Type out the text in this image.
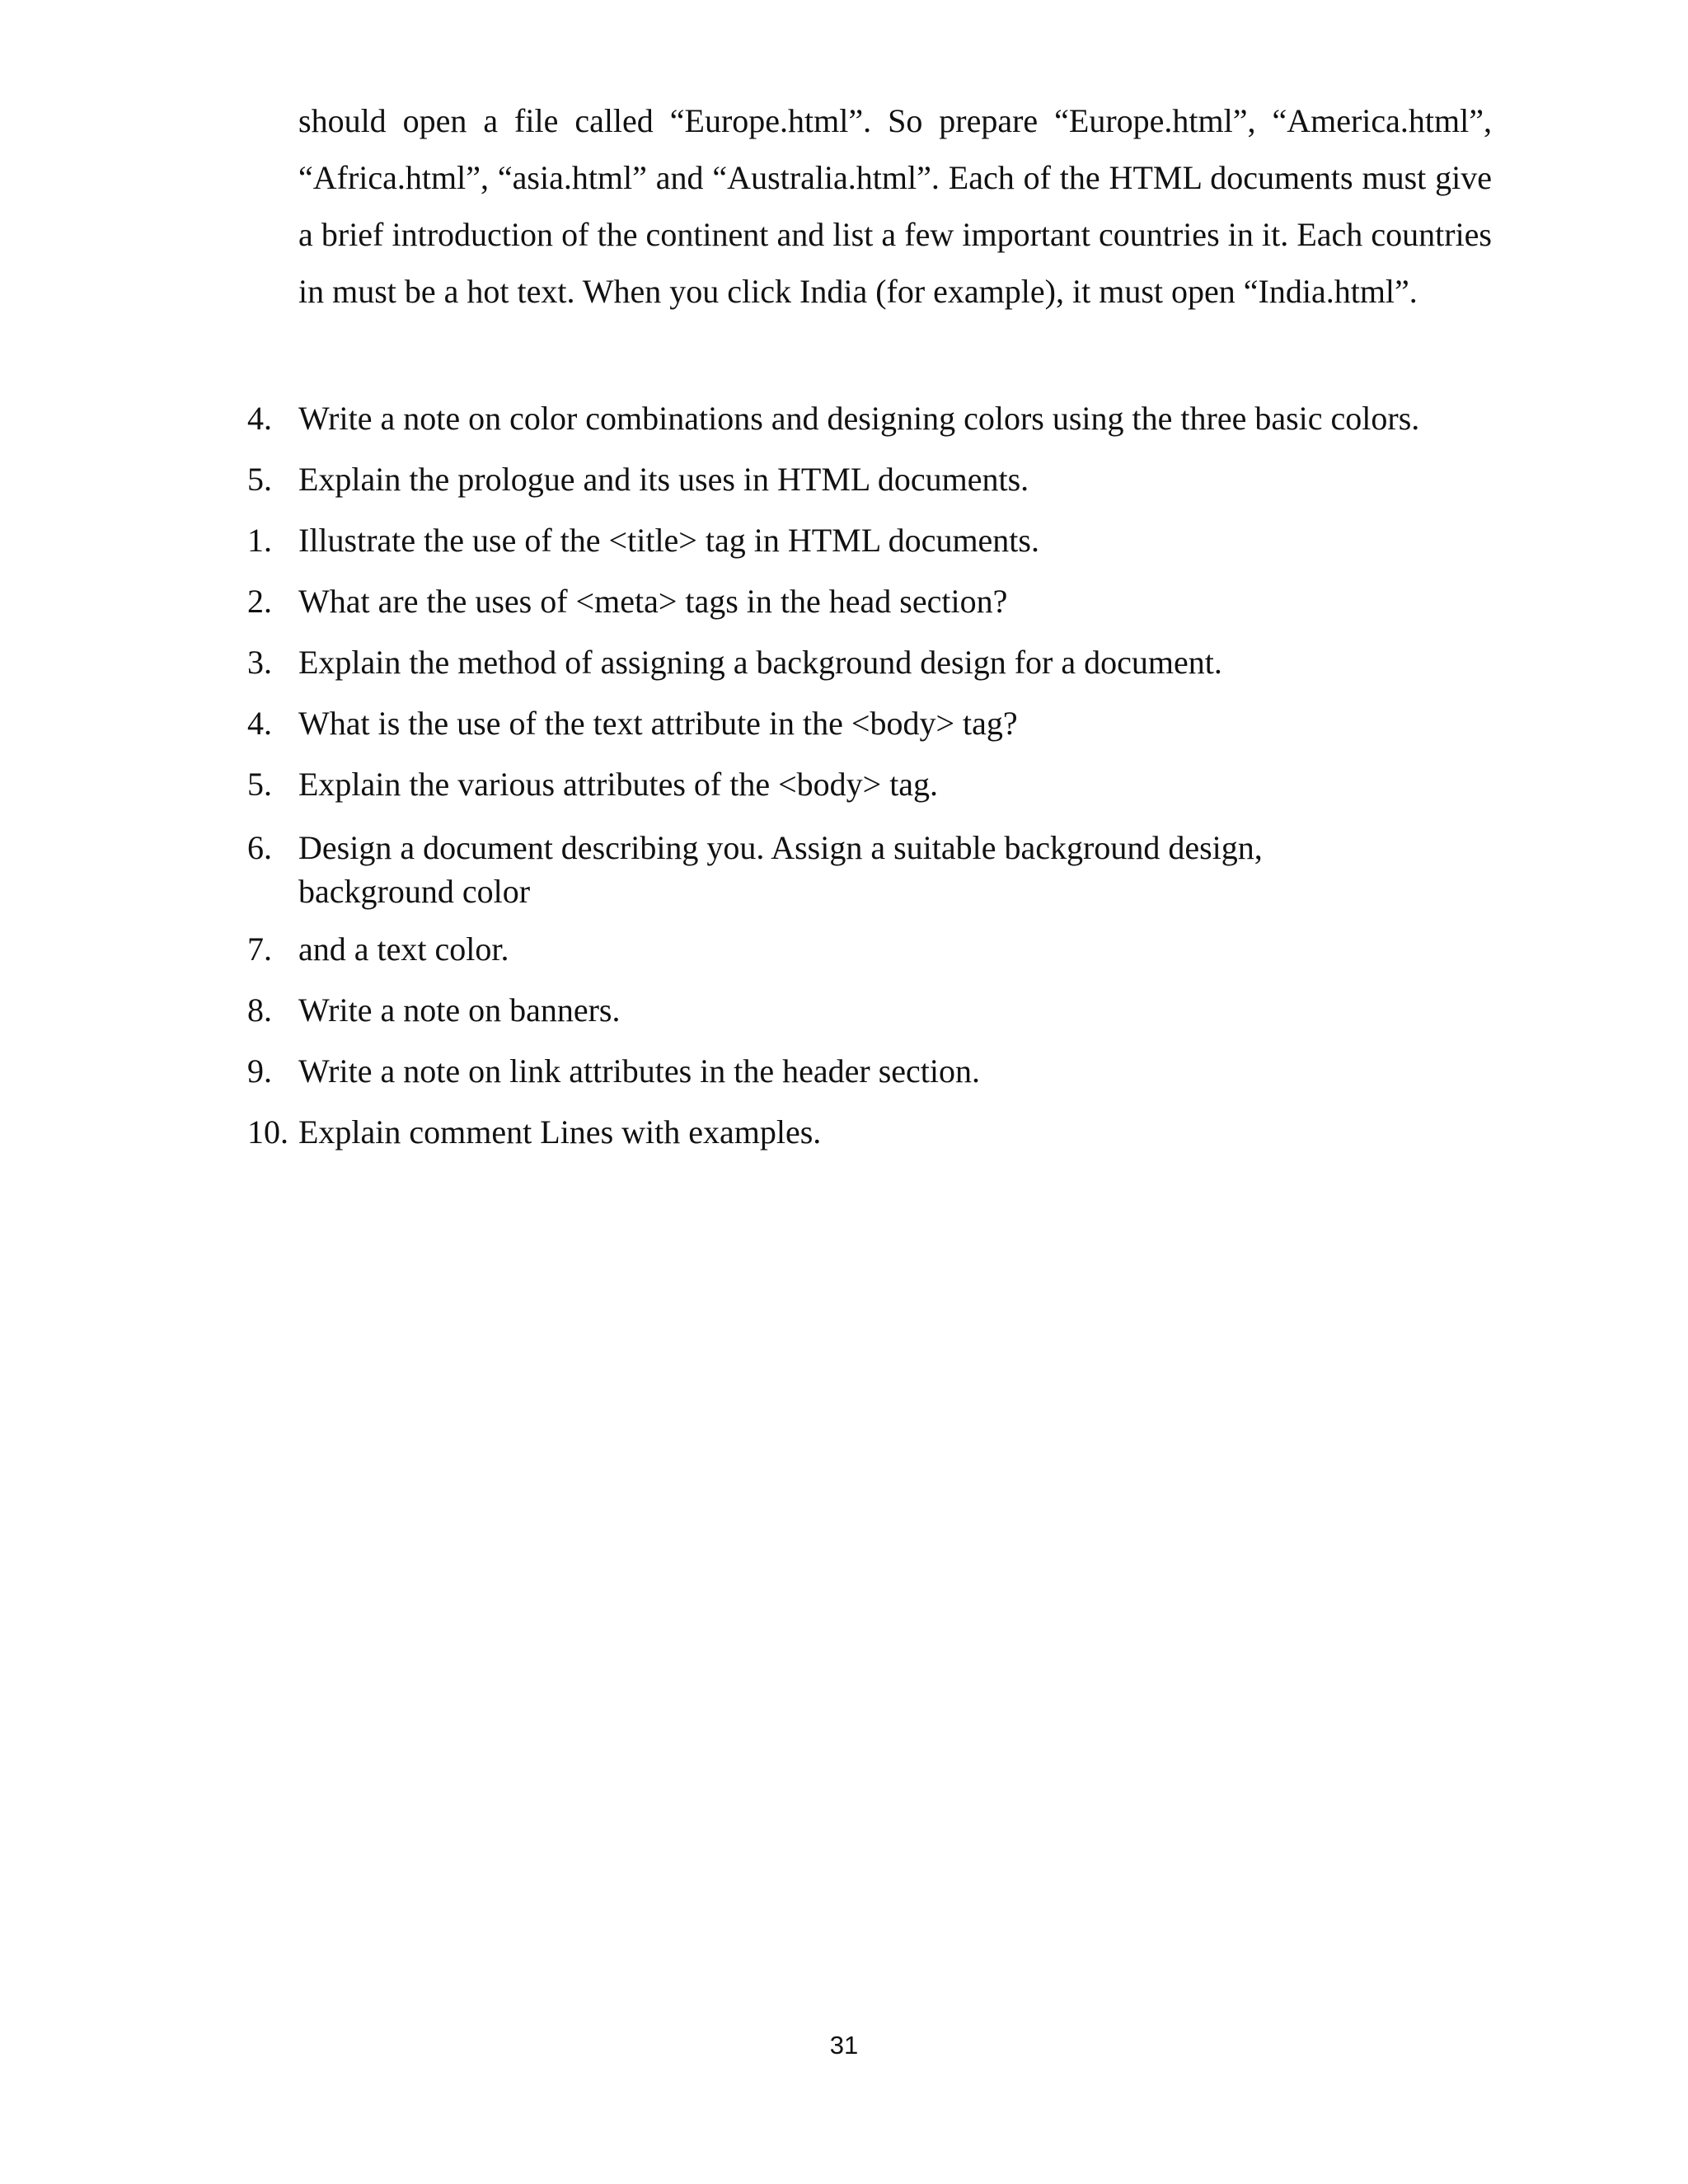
should open a file called “Europe.html”. So prepare “Europe.html”, “America.html”, “Africa.html”, “asia.html” and “Australia.html”. Each of the HTML documents must give a brief introduction of the continent and list a few important countries in it. Each countries in must be a hot text. When you click India (for example), it must open “India.html”.

4. Write a note on color combinations and designing colors using the three basic colors.
5. Explain the prologue and its uses in HTML documents.
1. Illustrate the use of the <title> tag in HTML documents.
2. What are the uses of <meta> tags in the head section?
3. Explain the method of assigning a background design for a document.
4. What is the use of the text attribute in the <body> tag?
5. Explain the various attributes of the <body> tag.
6. Design a document describing you. Assign a suitable background design, background color
7. and a text color.
8. Write a note on banners.
9. Write a note on link attributes in the header section.
10. Explain comment Lines with examples.
31
